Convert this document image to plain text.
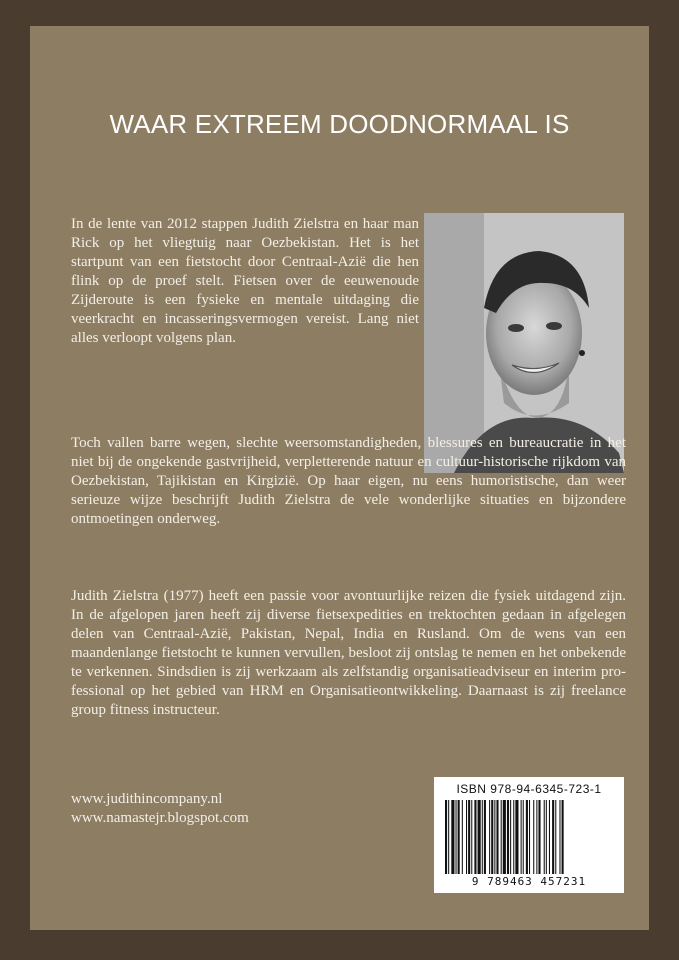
WAAR EXTREEM DOODNORMAAL IS

In de lente van 2012 stappen Judith Zielstra en haar man Rick op het vliegtuig naar Oezbekistan. Het is het startpunt van een fietstocht door Centraal-Azië die hen flink op de proef stelt. Fietsen over de eeuwenoude Zijderoute is een fysieke en mentale uitdaging die veerkracht en incasseringsvermogen vereist. Lang niet alles verloopt volgens plan.

Toch vallen barre wegen, slechte weersomstandigheden, blessures en bureaucratie in het niet bij de ongekende gastvrijheid, verpletterende natuur en cultuur-historische rijkdom van Oezbekistan, Tajikistan en Kirgizië. Op haar eigen, nu eens humoristische, dan weer serieuze wijze beschrijft Judith Zielstra de vele wonderlijke situaties en bijzondere ontmoetingen onderweg.

Judith Zielstra (1977) heeft een passie voor avontuurlijke reizen die fysiek uitdagend zijn. In de afgelopen jaren heeft zij diverse fietsexpedities en trektochten gedaan in afgelegen delen van Centraal-Azië, Pakistan, Nepal, India en Rusland. Om de wens van een maandenlange fietstocht te kunnen vervullen, besloot zij ontslag te nemen en het onbekende te verkennen. Sindsdien is zij werkzaam als zelfstandig organisatieadviseur en interim professional op het gebied van HRM en Organisatieontwikkeling. Daarnaast is zij freelance group fitness instructeur.

www.judithincompany.nl
www.namastejr.blogspot.com
ISBN 978-94-6345-723-1
9 789463 457231
